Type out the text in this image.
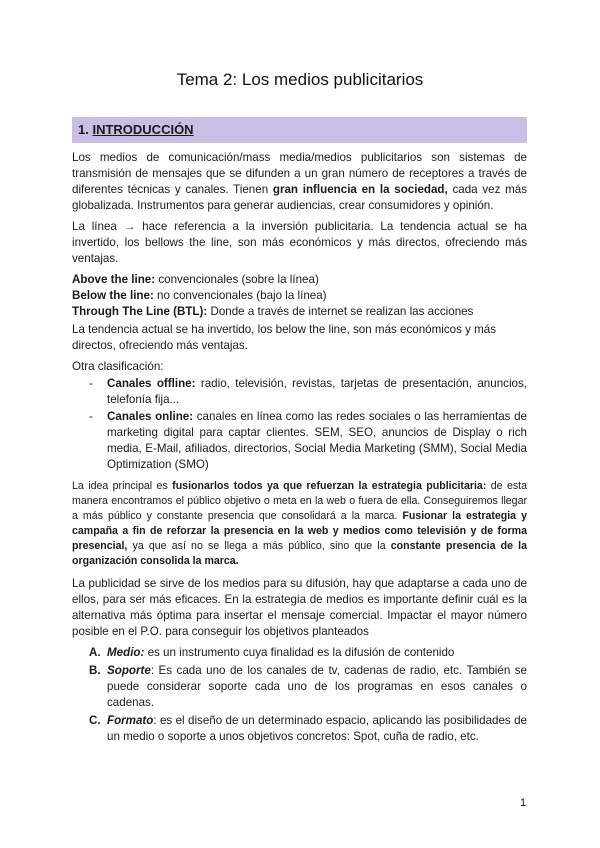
Tema 2: Los medios publicitarios
1. INTRODUCCIÓN

Los medios de comunicación/mass media/medios publicitarios son sistemas de transmisión de mensajes que se difunden a un gran número de receptores a través de diferentes técnicas y canales. Tienen gran influencia en la sociedad, cada vez más globalizada. Instrumentos para generar audiencias, crear consumidores y opinión.

La línea → hace referencia a la inversión publicitaria. La tendencia actual se ha invertido, los bellows the line, son más económicos y más directos, ofreciendo más ventajas.

Above the line: convencionales (sobre la línea)
Below the line: no convencionales (bajo la línea)
Through The Line (BTL): Donde a través de internet se realizan las acciones

La tendencia actual se ha invertido, los below the line, son más económicos y más directos, ofreciendo más ventajas.

Otra clasificación:

- Canales offline: radio, televisión, revistas, tarjetas de presentación, anuncios, telefonía fija...
- Canales online: canales en línea como las redes sociales o las herramientas de marketing digital para captar clientes. SEM, SEO, anuncios de Display o rich media, E-Mail, afiliados, directorios, Social Media Marketing (SMM), Social Media Optimization (SMO)

La idea principal es fusionarlos todos ya que refuerzan la estrategia publicitaria: de esta manera encontramos el público objetivo o meta en la web o fuera de ella. Conseguiremos llegar a más público y constante presencia que consolidará a la marca. Fusionar la estrategia y campaña a fin de reforzar la presencia en la web y medios como televisión y de forma presencial, ya que así no se llega a más público, sino que la constante presencia de la organización consolida la marca.

La publicidad se sirve de los medios para su difusión, hay que adaptarse a cada uno de ellos, para ser más eficaces. En la estrategia de medios es importante definir cuál es la alternativa más óptima para insertar el mensaje comercial. Impactar el mayor número posible en el P.O. para conseguir los objetivos planteados

A. Medio: es un instrumento cuya finalidad es la difusión de contenido
B. Soporte: Es cada uno de los canales de tv, cadenas de radio, etc. También se puede considerar soporte cada uno de los programas en esos canales o cadenas.
C. Formato: es el diseño de un determinado espacio, aplicando las posibilidades de un medio o soporte a unos objetivos concretos: Spot, cuña de radio, etc.
1
